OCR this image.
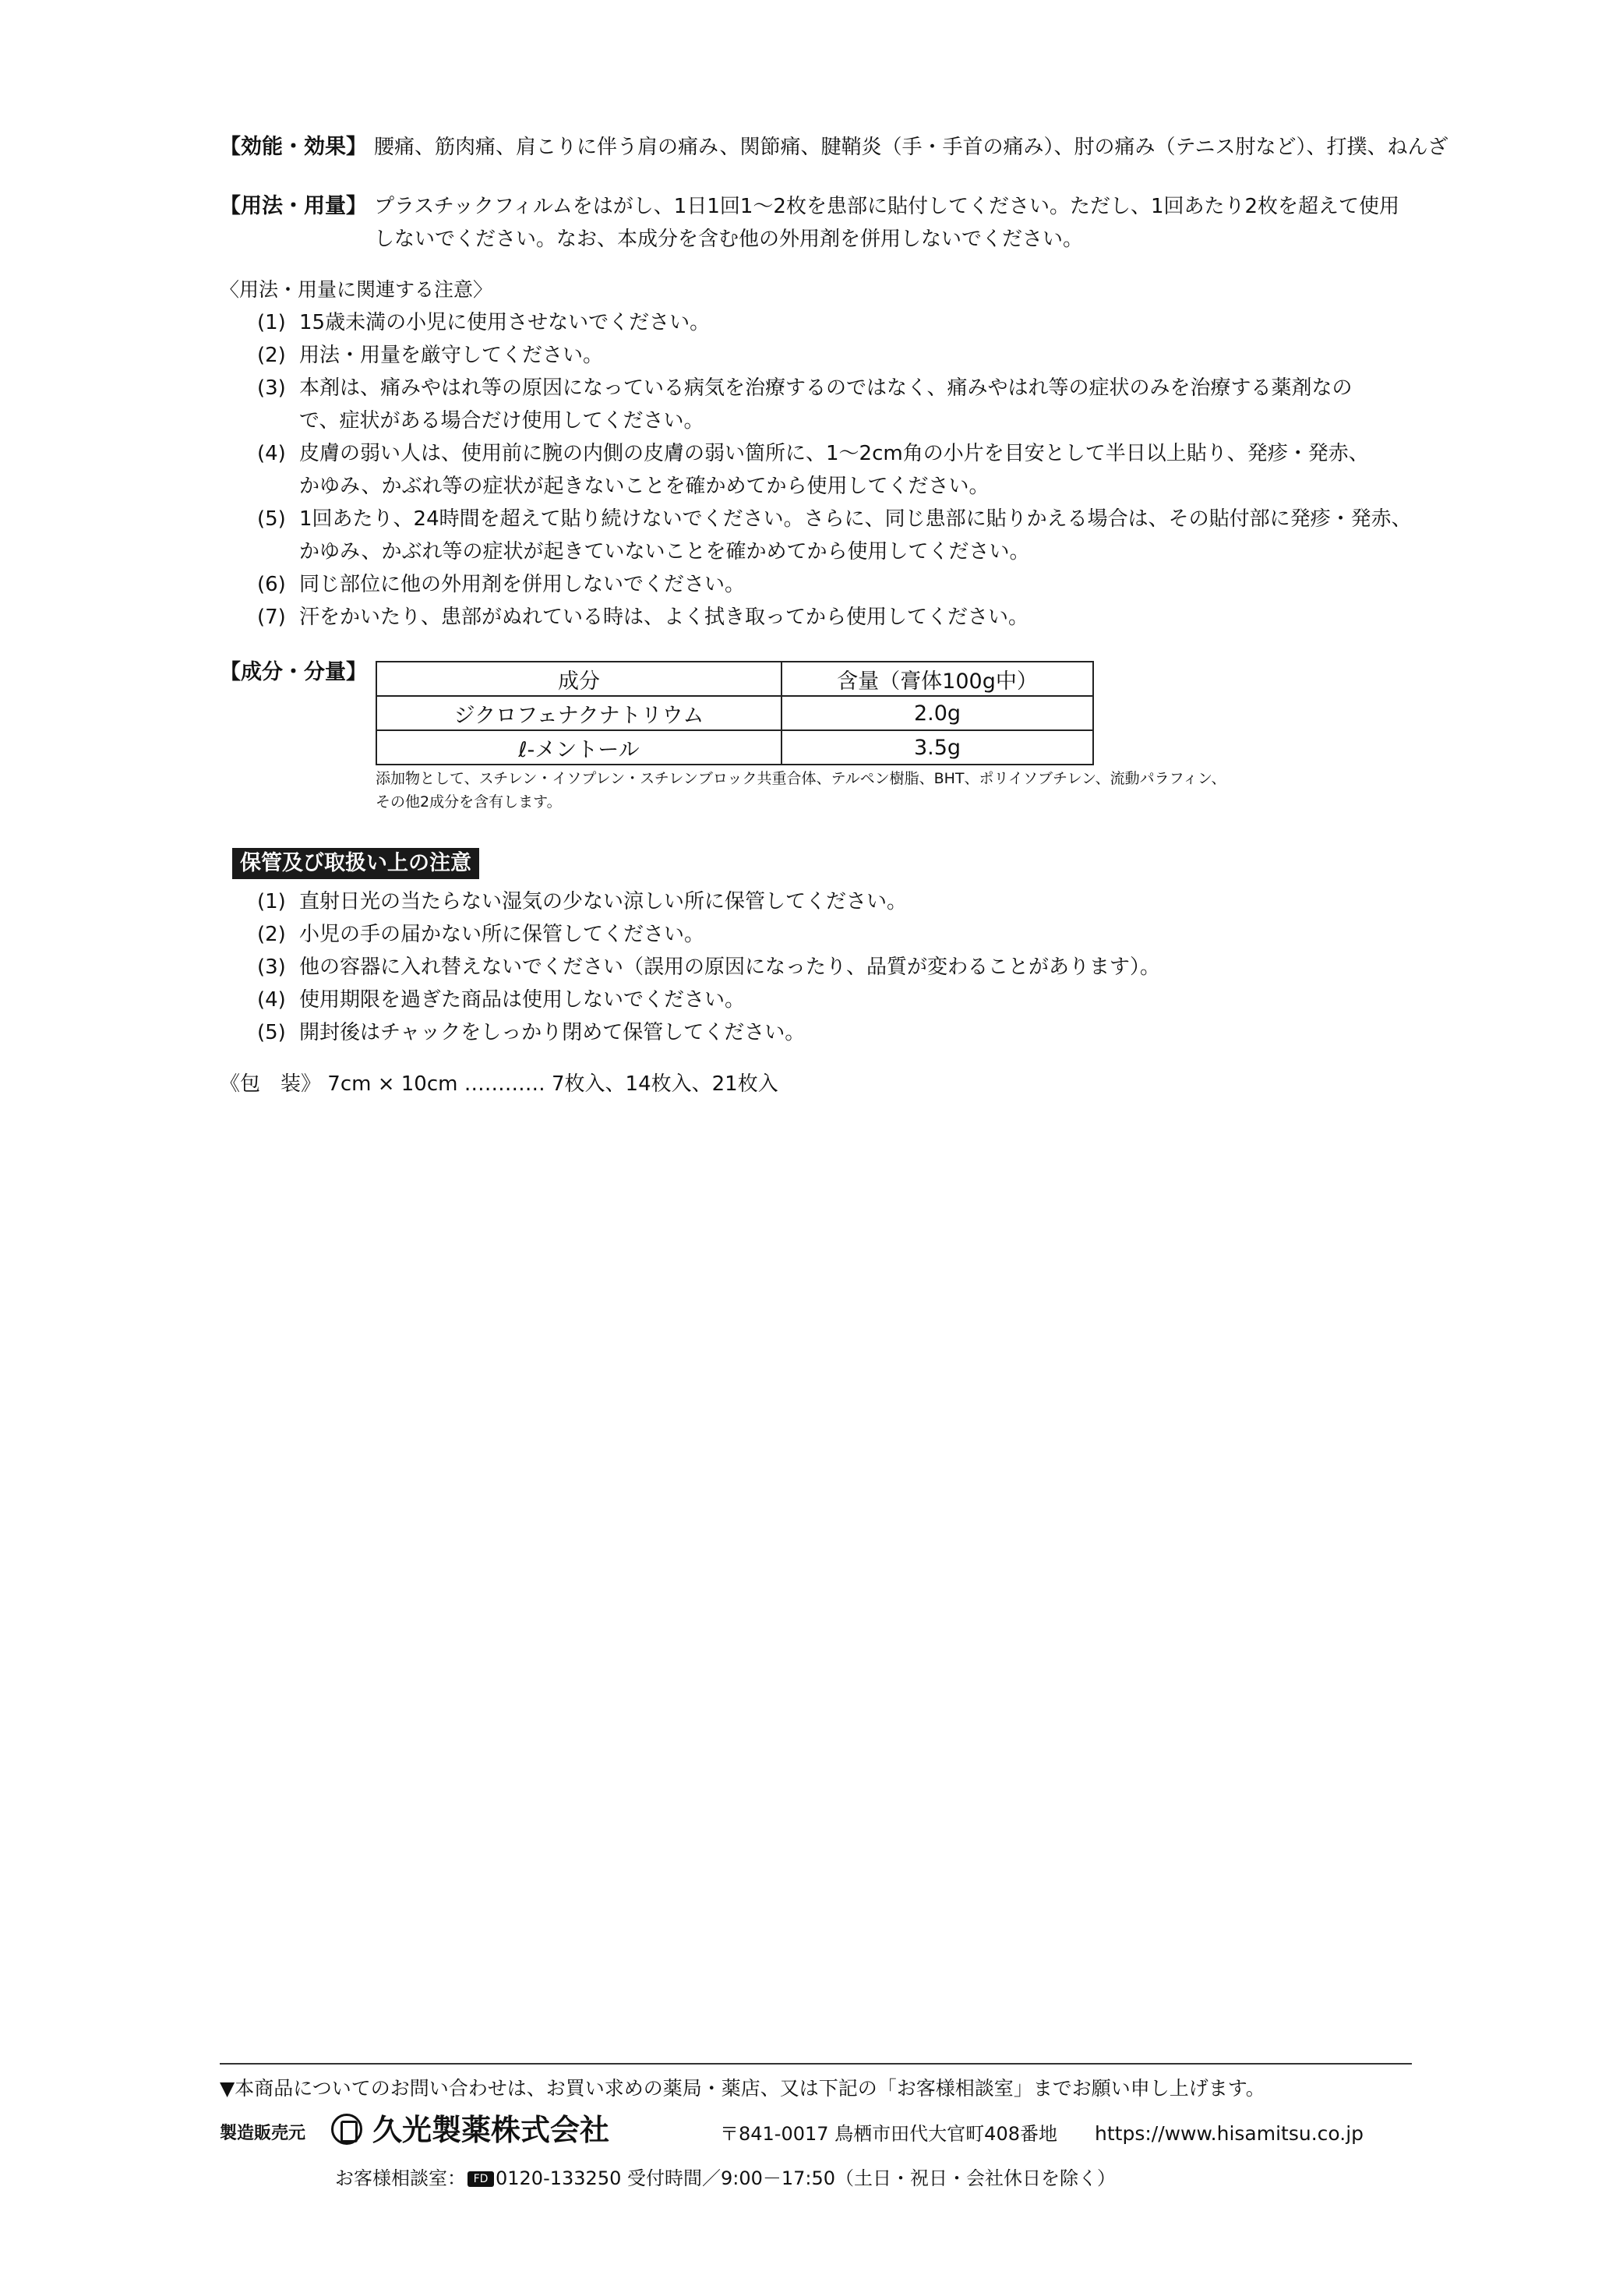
【効能・効果】 腰痛、筋肉痛、肩こりに伴う肩の痛み、関節痛、腱鞘炎（手・手首の痛み）、肘の痛み（テニス肘など）、打撲、ねんざ
【用法・用量】 プラスチックフィルムをはがし、1日1回1～2枚を患部に貼付してください。ただし、1回あたり2枚を超えて使用
しないでください。なお、本成分を含む他の外用剤を併用しないでください。
〈用法・用量に関連する注意〉
(1) 15歳未満の小児に使用させないでください。
(2) 用法・用量を厳守してください。
(3) 本剤は、痛みやはれ等の原因になっている病気を治療するのではなく、痛みやはれ等の症状のみを治療する薬剤なの
で、症状がある場合だけ使用してください。
(4) 皮膚の弱い人は、使用前に腕の内側の皮膚の弱い箇所に、1～2cm角の小片を目安として半日以上貼り、発疹・発赤、
かゆみ、かぶれ等の症状が起きないことを確かめてから使用してください。
(5) 1回あたり、24時間を超えて貼り続けないでください。さらに、同じ患部に貼りかえる場合は、その貼付部に発疹・発赤、
かゆみ、かぶれ等の症状が起きていないことを確かめてから使用してください。
(6) 同じ部位に他の外用剤を併用しないでください。
(7) 汗をかいたり、患部がぬれている時は、よく拭き取ってから使用してください。
【成分・分量】	成分	含量（膏体100g中）
ジクロフェナクナトリウム	2.0g
ℓ-メントール	3.5g
添加物として、スチレン・イソプレン・スチレンブロック共重合体、テルペン樹脂、BHT、ポリイソブチレン、流動パラフィン、
その他2成分を含有します。
保管及び取扱い上の注意
(1) 直射日光の当たらない湿気の少ない涼しい所に保管してください。
(2) 小児の手の届かない所に保管してください。
(3) 他の容器に入れ替えないでください（誤用の原因になったり、品質が変わることがあります）。
(4) 使用期限を過ぎた商品は使用しないでください。
(5) 開封後はチャックをしっかり閉めて保管してください。
《包　装》 7cm × 10cm ………… 7枚入、14枚入、21枚入
▼本商品についてのお問い合わせは、お買い求めの薬局・薬店、又は下記の「お客様相談室」までお願い申し上げます。
製造販売元 久光製薬株式会社	〒841-0017 鳥栖市田代大官町408番地 https://www.hisamitsu.co.jp
お客様相談室： FD 0120-133250 受付時間／9:00－17:50（土日・祝日・会社休日を除く）
